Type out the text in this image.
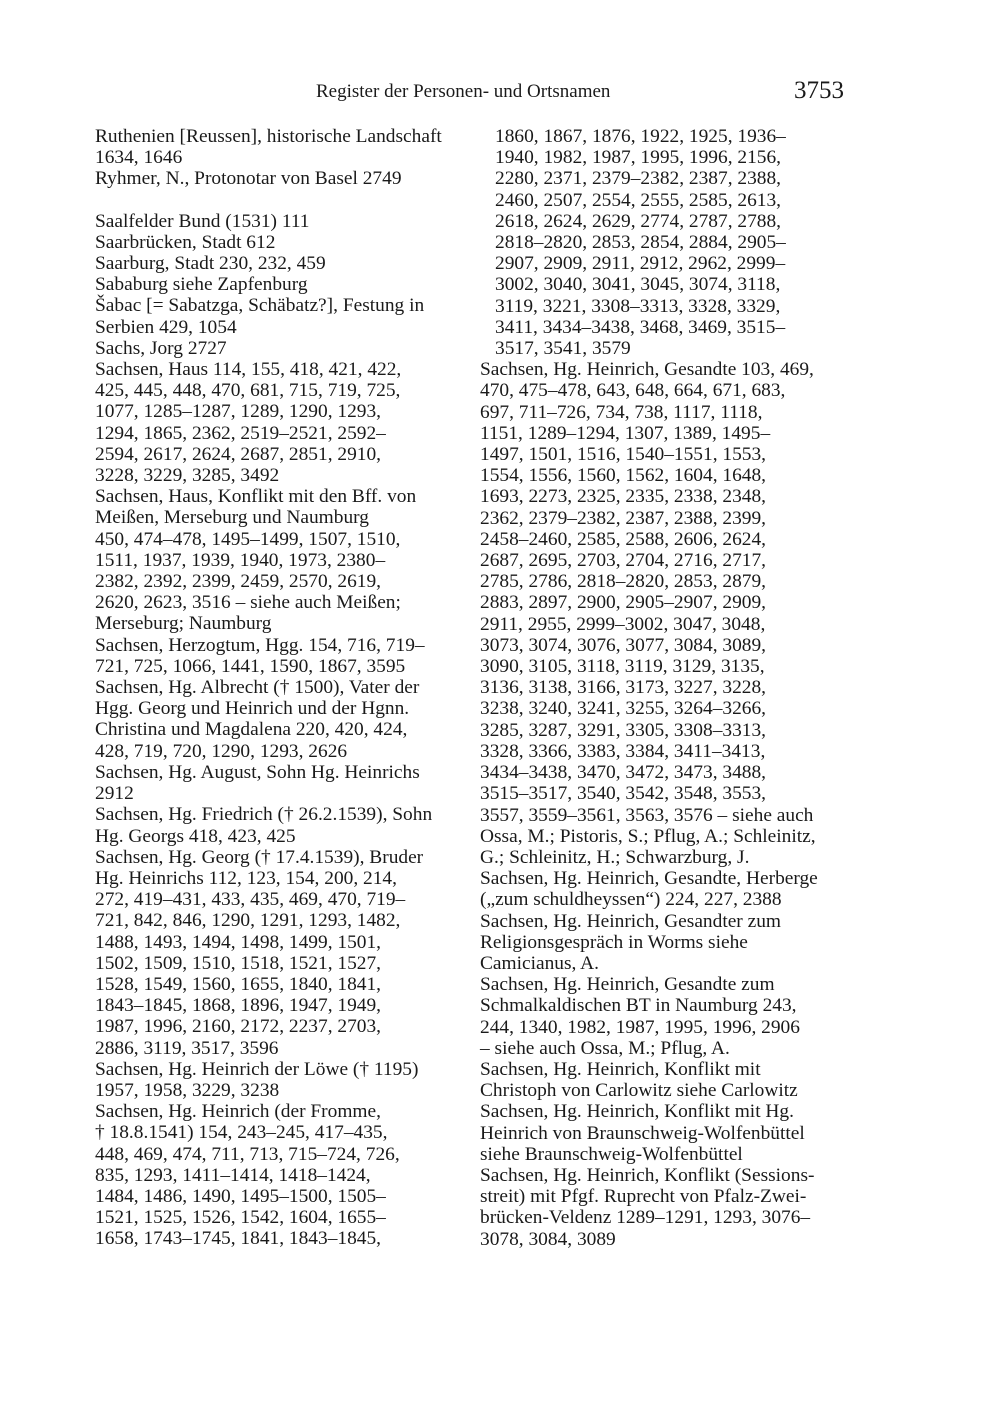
Register der Personen- und Ortsnamen	3753
Ruthenien [Reussen], historische Landschaft
1634, 1646
Ryhmer, N., Protonotar von Basel 2749
Saalfelder Bund (1531) 111
Saarbrücken, Stadt 612
Saarburg, Stadt 230, 232, 459
Sababurg siehe Zapfenburg
Šabac [= Sabatzga, Schäbatz?], Festung in
Serbien 429, 1054
Sachs, Jorg 2727
Sachsen, Haus 114, 155, 418, 421, 422,
425, 445, 448, 470, 681, 715, 719, 725,
1077, 1285–1287, 1289, 1290, 1293,
1294, 1865, 2362, 2519–2521, 2592–
2594, 2617, 2624, 2687, 2851, 2910,
3228, 3229, 3285, 3492
Sachsen, Haus, Konflikt mit den Bff. von
Meißen, Merseburg und Naumburg
450, 474–478, 1495–1499, 1507, 1510,
1511, 1937, 1939, 1940, 1973, 2380–
2382, 2392, 2399, 2459, 2570, 2619,
2620, 2623, 3516 – siehe auch Meißen;
Merseburg; Naumburg
Sachsen, Herzogtum, Hgg. 154, 716, 719–
721, 725, 1066, 1441, 1590, 1867, 3595
Sachsen, Hg. Albrecht († 1500), Vater der
Hgg. Georg und Heinrich und der Hgnn.
Christina und Magdalena 220, 420, 424,
428, 719, 720, 1290, 1293, 2626
Sachsen, Hg. August, Sohn Hg. Heinrichs
2912
Sachsen, Hg. Friedrich († 26.2.1539), Sohn
Hg. Georgs 418, 423, 425
Sachsen, Hg. Georg († 17.4.1539), Bruder
Hg. Heinrichs 112, 123, 154, 200, 214,
272, 419–431, 433, 435, 469, 470, 719–
721, 842, 846, 1290, 1291, 1293, 1482,
1488, 1493, 1494, 1498, 1499, 1501,
1502, 1509, 1510, 1518, 1521, 1527,
1528, 1549, 1560, 1655, 1840, 1841,
1843–1845, 1868, 1896, 1947, 1949,
1987, 1996, 2160, 2172, 2237, 2703,
2886, 3119, 3517, 3596
Sachsen, Hg. Heinrich der Löwe († 1195)
1957, 1958, 3229, 3238
Sachsen, Hg. Heinrich (der Fromme,
† 18.8.1541) 154, 243–245, 417–435,
448, 469, 474, 711, 713, 715–724, 726,
835, 1293, 1411–1414, 1418–1424,
1484, 1486, 1490, 1495–1500, 1505–
1521, 1525, 1526, 1542, 1604, 1655–
1658, 1743–1745, 1841, 1843–1845,
1860, 1867, 1876, 1922, 1925, 1936–
1940, 1982, 1987, 1995, 1996, 2156,
2280, 2371, 2379–2382, 2387, 2388,
2460, 2507, 2554, 2555, 2585, 2613,
2618, 2624, 2629, 2774, 2787, 2788,
2818–2820, 2853, 2854, 2884, 2905–
2907, 2909, 2911, 2912, 2962, 2999–
3002, 3040, 3041, 3045, 3074, 3118,
3119, 3221, 3308–3313, 3328, 3329,
3411, 3434–3438, 3468, 3469, 3515–
3517, 3541, 3579
Sachsen, Hg. Heinrich, Gesandte 103, 469,
470, 475–478, 643, 648, 664, 671, 683,
697, 711–726, 734, 738, 1117, 1118,
1151, 1289–1294, 1307, 1389, 1495–
1497, 1501, 1516, 1540–1551, 1553,
1554, 1556, 1560, 1562, 1604, 1648,
1693, 2273, 2325, 2335, 2338, 2348,
2362, 2379–2382, 2387, 2388, 2399,
2458–2460, 2585, 2588, 2606, 2624,
2687, 2695, 2703, 2704, 2716, 2717,
2785, 2786, 2818–2820, 2853, 2879,
2883, 2897, 2900, 2905–2907, 2909,
2911, 2955, 2999–3002, 3047, 3048,
3073, 3074, 3076, 3077, 3084, 3089,
3090, 3105, 3118, 3119, 3129, 3135,
3136, 3138, 3166, 3173, 3227, 3228,
3238, 3240, 3241, 3255, 3264–3266,
3285, 3287, 3291, 3305, 3308–3313,
3328, 3366, 3383, 3384, 3411–3413,
3434–3438, 3470, 3472, 3473, 3488,
3515–3517, 3540, 3542, 3548, 3553,
3557, 3559–3561, 3563, 3576 – siehe auch
Ossa, M.; Pistoris, S.; Pflug, A.; Schleinitz,
G.; Schleinitz, H.; Schwarzburg, J.
Sachsen, Hg. Heinrich, Gesandte, Herberge
(„zum schuldheyssen“) 224, 227, 2388
Sachsen, Hg. Heinrich, Gesandter zum
Religionsgespräch in Worms siehe
Camicianus, A.
Sachsen, Hg. Heinrich, Gesandte zum
Schmalkaldischen BT in Naumburg 243,
244, 1340, 1982, 1987, 1995, 1996, 2906
– siehe auch Ossa, M.; Pflug, A.
Sachsen, Hg. Heinrich, Konflikt mit
Christoph von Carlowitz siehe Carlowitz
Sachsen, Hg. Heinrich, Konflikt mit Hg.
Heinrich von Braunschweig-Wolfenbüttel
siehe Braunschweig-Wolfenbüttel
Sachsen, Hg. Heinrich, Konflikt (Sessions-
streit) mit Pfgf. Ruprecht von Pfalz-Zwei-
brücken-Veldenz 1289–1291, 1293, 3076–
3078, 3084, 3089
